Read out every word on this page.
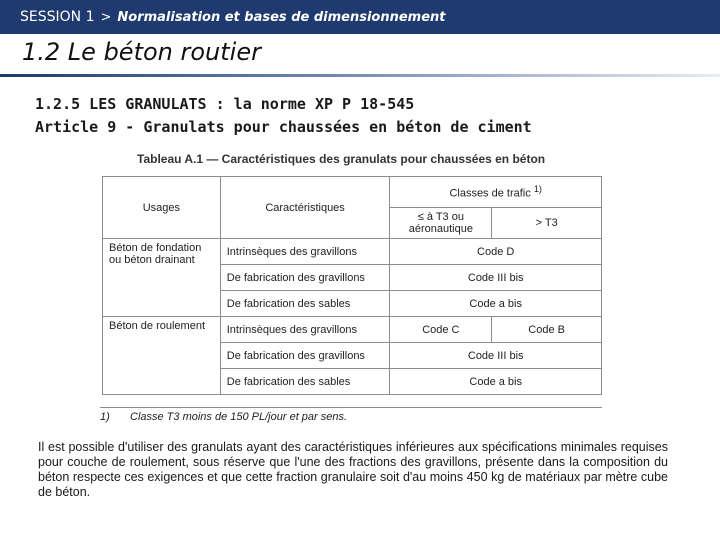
SESSION 1 > Normalisation et bases de dimensionnement
1.2 Le béton routier
1.2.5 LES GRANULATS : la norme XP P 18-545
Article 9 - Granulats pour chaussées en béton de ciment
Tableau A.1 — Caractéristiques des granulats pour chaussées en béton
Usages	Caractéristiques	Classes de trafic $^{1)}$
		≤ à T3 ou aéronautique	> T3
Béton de fondation ou béton drainant	Intrinsèques des gravillons	Code D	
	De fabrication des gravillons	Code III bis	
	De fabrication des sables	Code a bis	
Béton de roulement	Intrinsèques des gravillons	Code C	Code B
	De fabrication des gravillons	Code III bis	
	De fabrication des sables	Code a bis	
1) Classe T3 moins de 150 PL/jour et par sens.
Il est possible d'utiliser des granulats ayant des caractéristiques inférieures aux spécifications minimales requises pour couche de roulement, sous réserve que l'une des fractions des gravillons, présente dans la composition du béton respecte ces exigences et que cette fraction granulaire soit d'au moins 450 kg de matériaux par mètre cube de béton.
